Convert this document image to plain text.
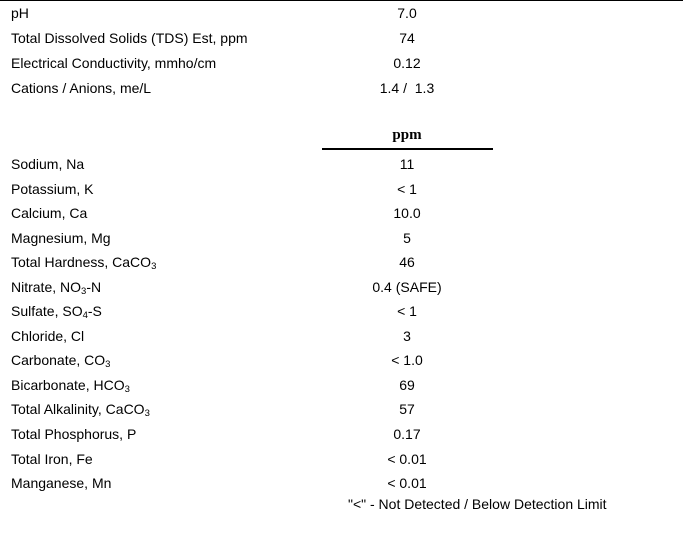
pH	7.0
Total Dissolved Solids (TDS) Est, ppm	74
Electrical Conductivity, mmho/cm	0.12
Cations / Anions, me/L	1.4 /  1.3
ppm
Sodium, Na	11
Potassium, K	< 1
Calcium, Ca	10.0
Magnesium, Mg	5
Total Hardness, CaCO3	46
Nitrate, NO3-N	0.4 (SAFE)
Sulfate, SO4-S	< 1
Chloride, Cl	3
Carbonate, CO3	< 1.0
Bicarbonate, HCO3	69
Total Alkalinity, CaCO3	57
Total Phosphorus, P	0.17
Total Iron, Fe	< 0.01
Manganese, Mn	< 0.01
"<" - Not Detected / Below Detection Limit
